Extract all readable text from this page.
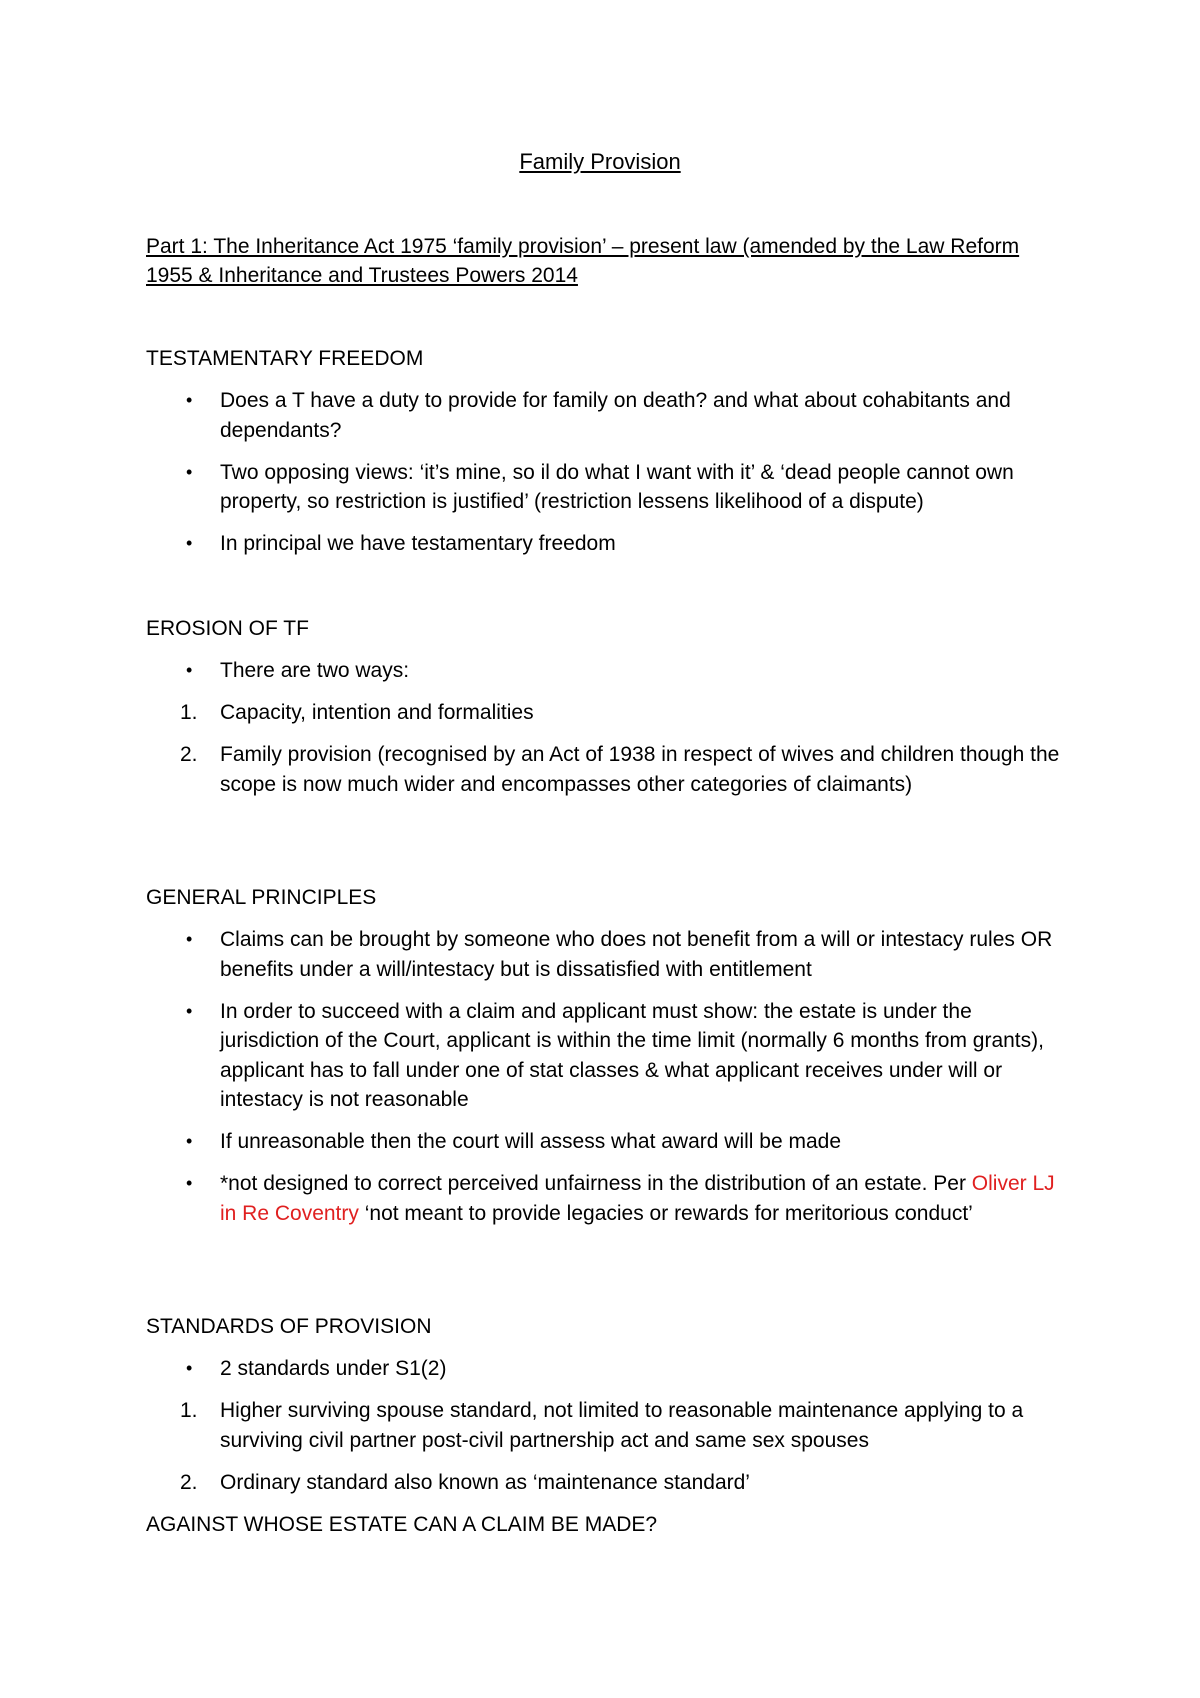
Family Provision
Part 1: The Inheritance Act 1975 ‘family provision’ – present law (amended by the Law Reform 1955 & Inheritance and Trustees Powers 2014
TESTAMENTARY FREEDOM
•	Does a T have a duty to provide for family on death? and what about cohabitants and dependants?
•	Two opposing views: ‘it’s mine, so il do what I want with it’ & ‘dead people cannot own property, so restriction is justified’ (restriction lessens likelihood of a dispute)
•	In principal we have testamentary freedom
EROSION OF TF
•	There are two ways:
1.	Capacity, intention and formalities
2.	Family provision (recognised by an Act of 1938 in respect of wives and children though the scope is now much wider and encompasses other categories of claimants)
GENERAL PRINCIPLES
•	Claims can be brought by someone who does not benefit from a will or intestacy rules OR benefits under a will/intestacy but is dissatisfied with entitlement
•	In order to succeed with a claim and applicant must show: the estate is under the jurisdiction of the Court, applicant is within the time limit (normally 6 months from grants), applicant has to fall under one of stat classes & what applicant receives under will or intestacy is not reasonable
•	If unreasonable then the court will assess what award will be made
•	*not designed to correct perceived unfairness in the distribution of an estate. Per Oliver LJ in Re Coventry ‘not meant to provide legacies or rewards for meritorious conduct’
STANDARDS OF PROVISION
•	2 standards under S1(2)
1.	Higher surviving spouse standard, not limited to reasonable maintenance applying to a surviving civil partner post-civil partnership act and same sex spouses
2.	Ordinary standard also known as ‘maintenance standard’
AGAINST WHOSE ESTATE CAN A CLAIM BE MADE?
